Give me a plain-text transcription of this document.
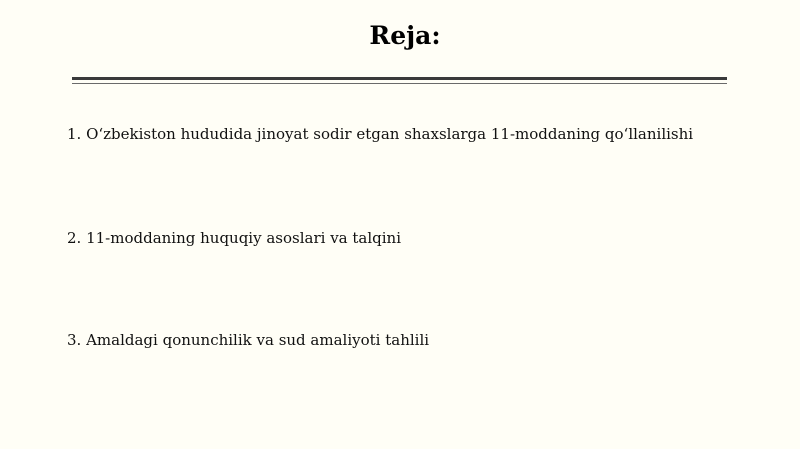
Reja:
1. O‘zbekiston hududida jinoyat sodir etgan shaxslarga 11-moddaning qo‘llanilishi
2. 11-moddaning huquqiy asoslari va talqini
3. Amaldagi qonunchilik va sud amaliyoti tahlili
